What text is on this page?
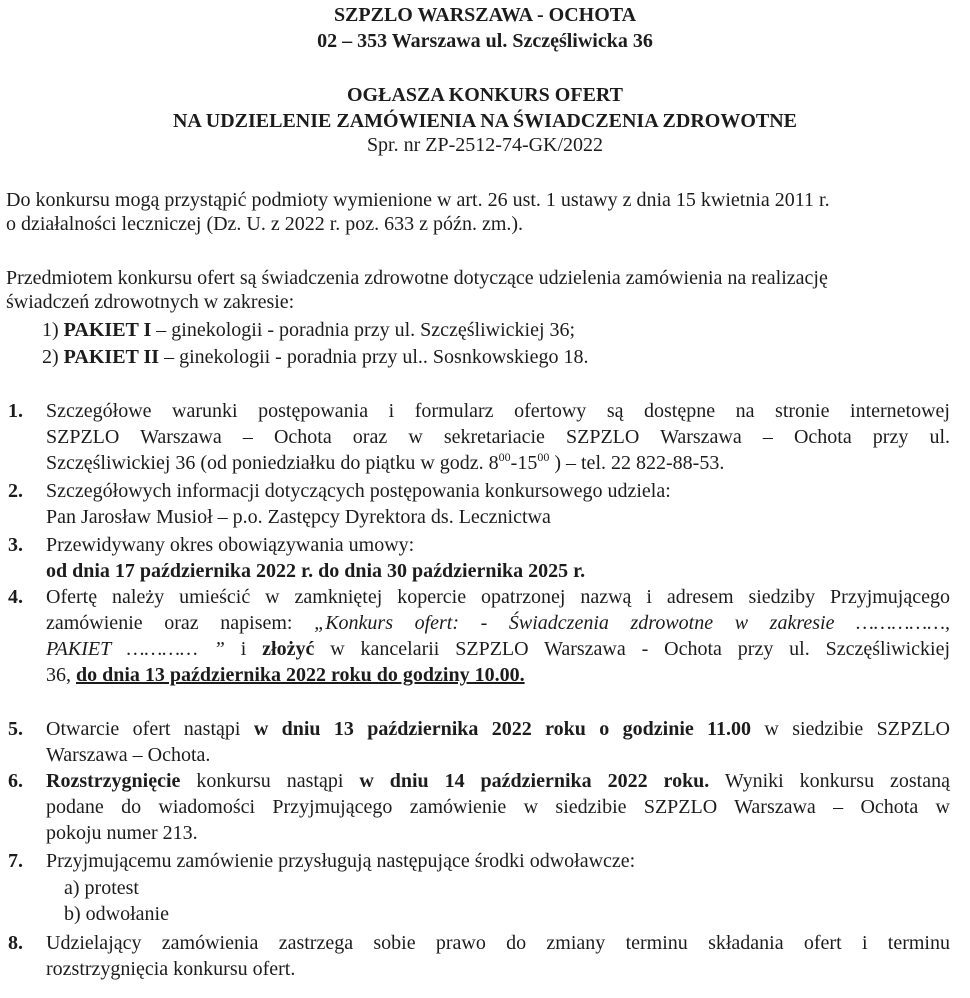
SZPZLO WARSZAWA - OCHOTA
02 – 353 Warszawa ul. Szczęśliwicka 36
OGŁASZA KONKURS OFERT
NA UDZIELENIE ZAMÓWIENIA NA ŚWIADCZENIA ZDROWOTNE
Spr. nr ZP-2512-74-GK/2022
Do konkursu mogą przystąpić podmioty wymienione w art. 26 ust. 1 ustawy z dnia 15 kwietnia 2011 r.
o działalności leczniczej (Dz. U. z 2022 r. poz. 633 z późn. zm.).
Przedmiotem konkursu ofert są świadczenia zdrowotne dotyczące udzielenia zamówienia na realizację
świadczeń zdrowotnych w zakresie:
1) PAKIET I – ginekologii - poradnia przy ul. Szczęśliwickiej 36;
2) PAKIET II – ginekologii - poradnia przy ul.. Sosnkowskiego 18.
1. Szczegółowe warunki postępowania i formularz ofertowy są dostępne na stronie internetowej
SZPZLO Warszawa – Ochota oraz w sekretariacie SZPZLO Warszawa – Ochota przy ul.
Szczęśliwickiej 36 (od poniedziałku do piątku w godz. $8^{00}-15^{00}$ ) – tel. 22 822-88-53.
2. Szczegółowych informacji dotyczących postępowania konkursowego udziela:
Pan Jarosław Musioł – p.o. Zastępcy Dyrektora ds. Lecznictwa
3. Przewidywany okres obowiązywania umowy:
od dnia 17 października 2022 r. do dnia 30 października 2025 r.
4. Ofertę należy umieścić w zamkniętej kopercie opatrzonej nazwą i adresem siedziby Przyjmującego
zamówienie oraz napisem: „Konkurs ofert: - Świadczenia zdrowotne w zakresie ……………,
PAKIET ………… ” i złożyć w kancelarii SZPZLO Warszawa - Ochota przy ul. Szczęśliwickiej
36, do dnia 13 października 2022 roku do godziny 10.00.
5. Otwarcie ofert nastąpi w dniu 13 października 2022 roku o godzinie 11.00 w siedzibie SZPZLO
Warszawa – Ochota.
6. Rozstrzygnięcie konkursu nastąpi w dniu 14 października 2022 roku. Wyniki konkursu zostaną
podane do wiadomości Przyjmującego zamówienie w siedzibie SZPZLO Warszawa – Ochota w
pokoju numer 213.
7. Przyjmującemu zamówienie przysługują następujące środki odwoławcze:
a) protest
b) odwołanie
8. Udzielający zamówienia zastrzega sobie prawo do zmiany terminu składania ofert i terminu
rozstrzygnięcia konkursu ofert.
